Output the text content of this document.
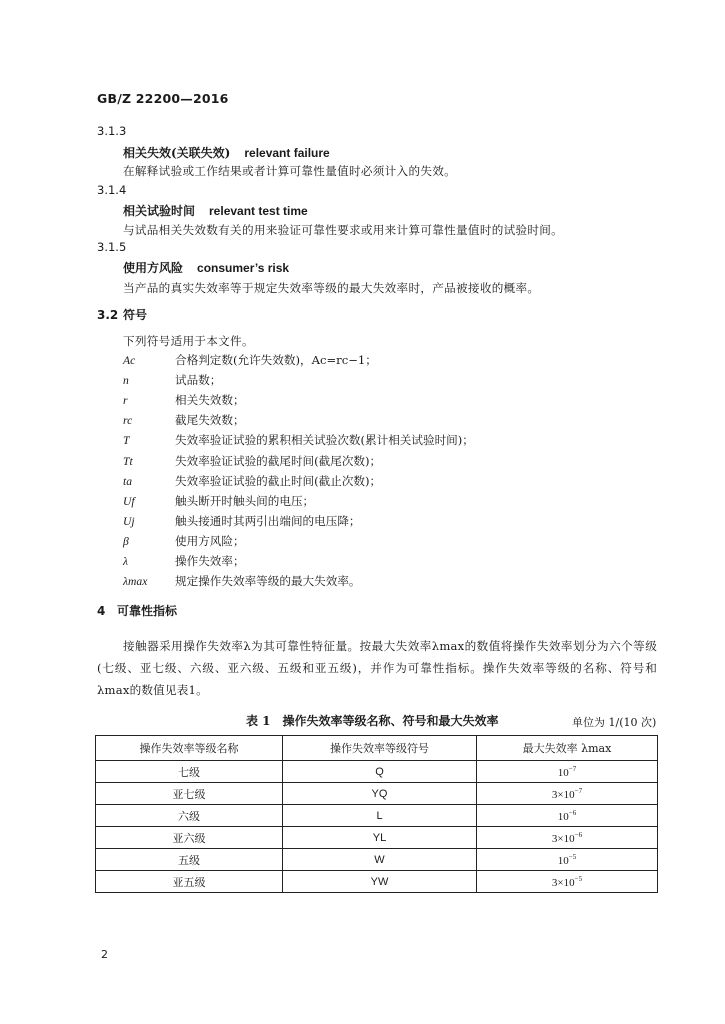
GB/Z 22200—2016
3.1.3
相关失效(关联失效) relevant failure
在解释试验或工作结果或者计算可靠性量值时必须计入的失效。
3.1.4
相关试验时间 relevant test time
与试品相关失效数有关的用来验证可靠性要求或用来计算可靠性量值时的试验时间。
3.1.5
使用方风险 consumer’s risk
当产品的真实失效率等于规定失效率等级的最大失效率时，产品被接收的概率。
3.2 符号
下列符号适用于本文件。
Ac	合格判定数(允许失效数)，Ac=rc−1；
n	试品数；
r	相关失效数；
rc	截尾失效数；
T	失效率验证试验的累积相关试验次数(累计相关试验时间)；
Tt	失效率验证试验的截尾时间(截尾次数)；
ta	失效率验证试验的截止时间(截止次数)；
Uf	触头断开时触头间的电压；
Uj	触头接通时其两引出端间的电压降；
β	使用方风险；
λ	操作失效率；
λmax 规定操作失效率等级的最大失效率。
4 可靠性指标
接触器采用操作失效率λ为其可靠性特征量。按最大失效率λmax的数值将操作失效率划分为六个等级(七级、亚七级、六级、亚六级、五级和亚五级)，并作为可靠性指标。操作失效率等级的名称、符号和λmax的数值见表1。
表 1　操作失效率等级名称、符号和最大失效率	单位为 1/(10 次)
操作失效率等级名称	操作失效率等级符号	最大失效率 λmax
七级	Q	$10^{-7}$
亚七级	YQ	$3\times 10^{-7}$
六级	L	$10^{-6}$
亚六级	YL	$3\times 10^{-6}$
五级	W	$10^{-5}$
亚五级	YW	$3\times 10^{-5}$
2
